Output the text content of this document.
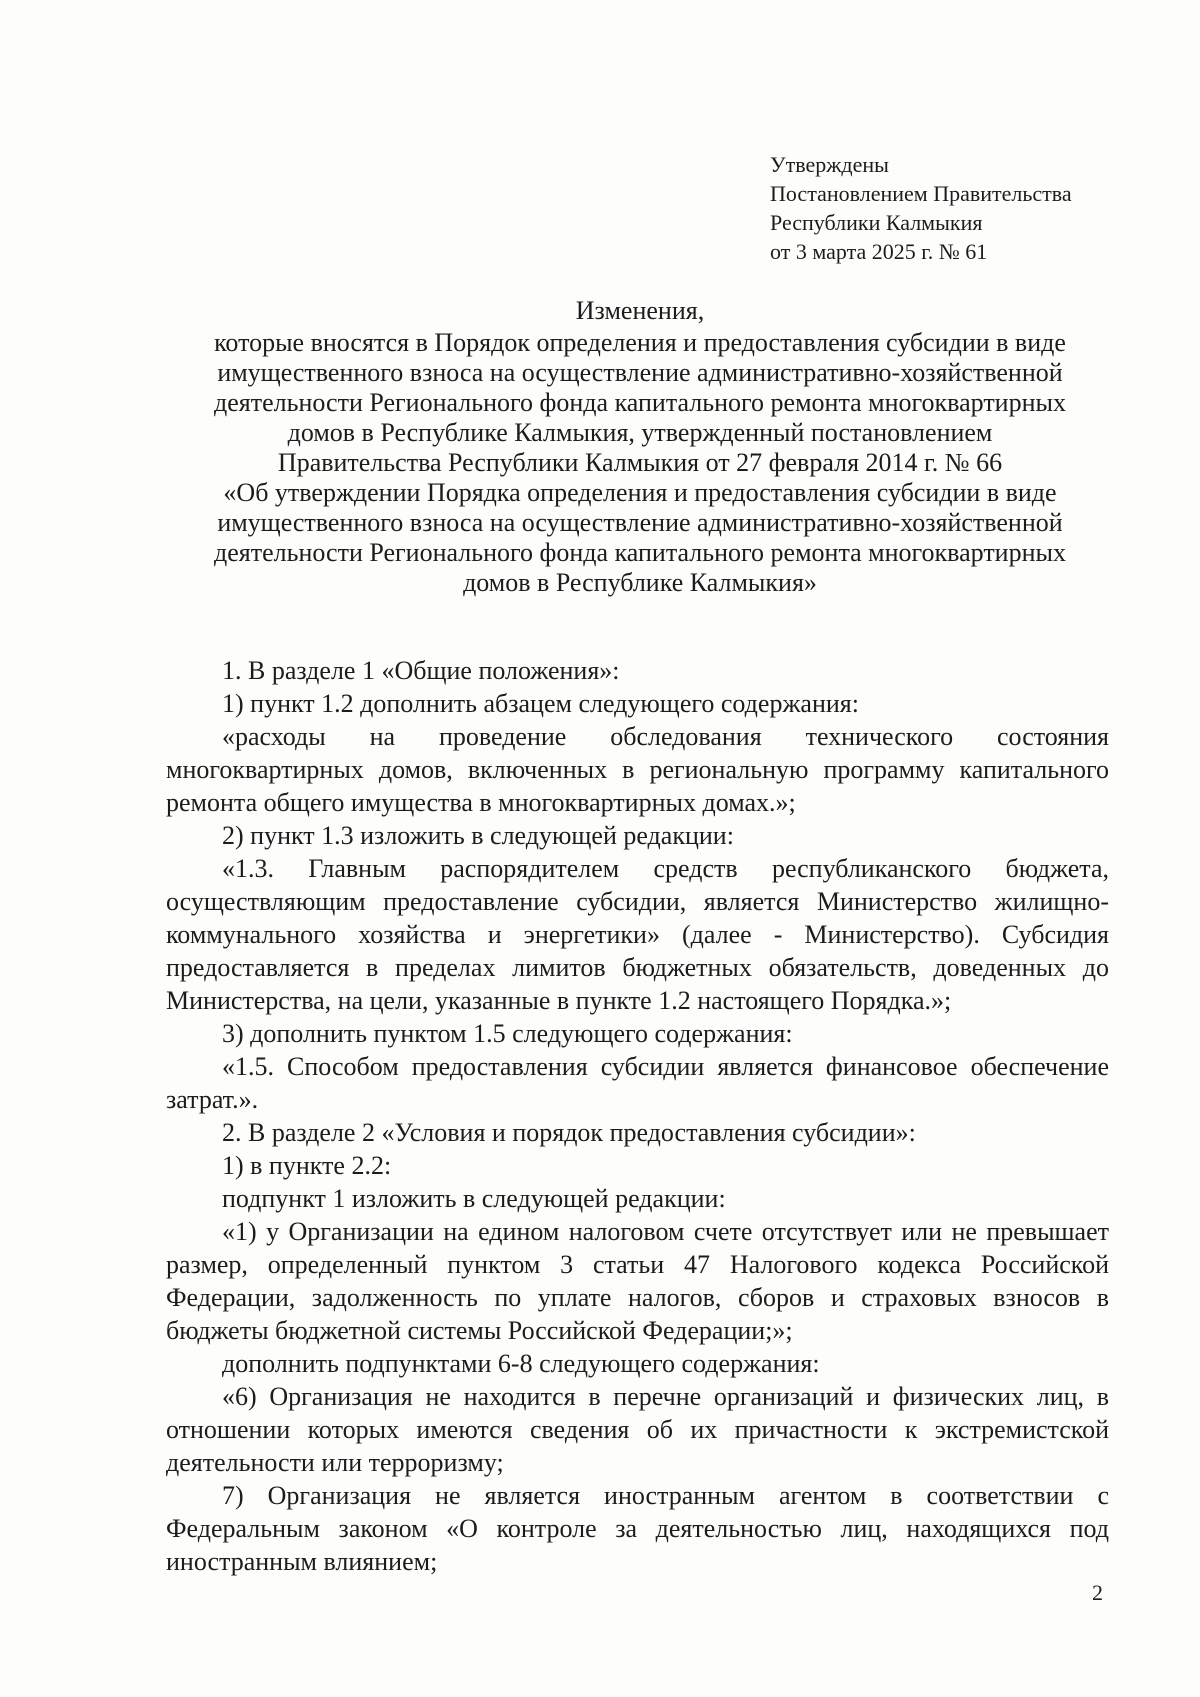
Утверждены
Постановлением Правительства
Республики Калмыкия
от 3 марта 2025 г. № 61
Изменения,
которые вносятся в Порядок определения и предоставления субсидии в виде
имущественного взноса на осуществление административно-хозяйственной
деятельности Регионального фонда капитального ремонта многоквартирных
домов в Республике Калмыкия, утвержденный постановлением
Правительства Республики Калмыкия от 27 февраля 2014 г. № 66
«Об утверждении Порядка определения и предоставления субсидии в виде
имущественного взноса на осуществление административно-хозяйственной
деятельности Регионального фонда капитального ремонта многоквартирных
домов в Республике Калмыкия»

1. В разделе 1 «Общие положения»:

1) пункт 1.2 дополнить абзацем следующего содержания:

«расходы на проведение обследования технического состояния многоквартирных домов, включенных в региональную программу капитального ремонта общего имущества в многоквартирных домах.»;

2) пункт 1.3 изложить в следующей редакции:

«1.3. Главным распорядителем средств республиканского бюджета, осуществляющим предоставление субсидии, является Министерство жилищно-коммунального хозяйства и энергетики» (далее - Министерство). Субсидия предоставляется в пределах лимитов бюджетных обязательств, доведенных до Министерства, на цели, указанные в пункте 1.2 настоящего Порядка.»;

3) дополнить пунктом 1.5 следующего содержания:

«1.5. Способом предоставления субсидии является финансовое обеспечение затрат.».

2. В разделе 2 «Условия и порядок предоставления субсидии»:

1) в пункте 2.2:

подпункт 1 изложить в следующей редакции:

«1) у Организации на едином налоговом счете отсутствует или не превышает размер, определенный пунктом 3 статьи 47 Налогового кодекса Российской Федерации, задолженность по уплате налогов, сборов и страховых взносов в бюджеты бюджетной системы Российской Федерации;»;

дополнить подпунктами 6-8 следующего содержания:

«6) Организация не находится в перечне организаций и физических лиц, в отношении которых имеются сведения об их причастности к экстремистской деятельности или терроризму;

7) Организация не является иностранным агентом в соответствии с Федеральным законом «О контроле за деятельностью лиц, находящихся под иностранным влиянием;

2
